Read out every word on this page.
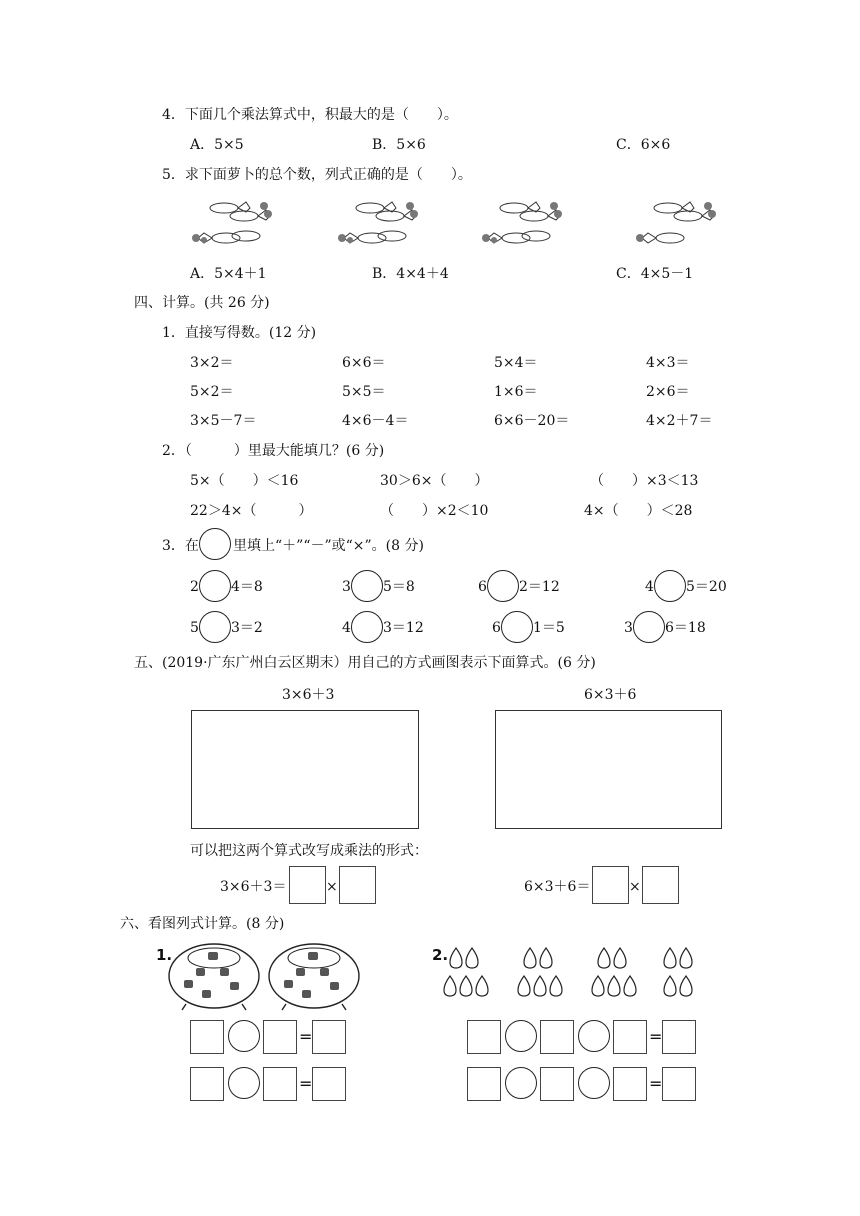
4．下面几个乘法算式中，积最大的是（　　）。
A．5×5	B．5×6	C．6×6
5．求下面萝卜的总个数，列式正确的是（　　）。
A．5×4＋1	B．4×4＋4	C．4×5－1
四、计算。(共 26 分)
1．直接写得数。(12 分)
3×2＝	6×6＝	5×4＝	4×3＝
5×2＝	5×5＝	1×6＝	2×6＝
3×5－7＝	4×6－4＝	6×6－20＝	4×2＋7＝
2．（　　　）里最大能填几？(6 分)
5×（　　）＜16	30＞6×（　　）	（　　）×3＜13
22＞4×（　　　）	（　　）×2＜10	4×（　　）＜28
3．在 里填上“＋”“－”或“×”。(8 分)
2 4＝8	3 5＝8	6 2＝12	4 5＝20
5 3＝2	4 3＝12	6 1＝5	3 6＝18
五、(2019·广东广州白云区期末）用自己的方式画图表示下面算式。(6 分)
3×6＋3	6×3＋6
可以把这两个算式改写成乘法的形式：
3×6＋3＝	×	6×3＋6＝	×
六、看图列式计算。(8 分)
1.	2.
=
=
=
=
